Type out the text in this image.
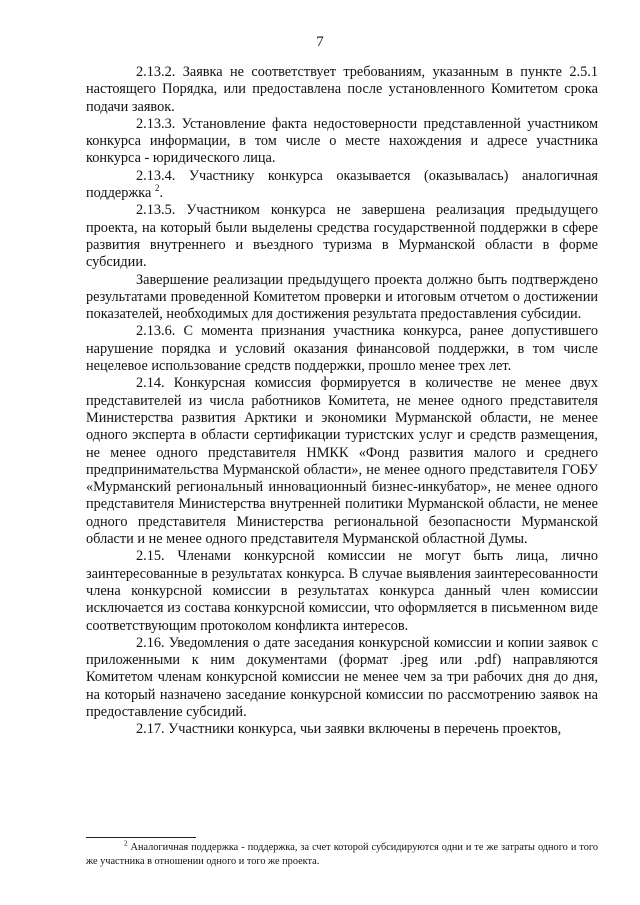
7

2.13.2. Заявка не соответствует требованиям, указанным в пункте 2.5.1 настоящего Порядка, или предоставлена после установленного Комитетом срока подачи заявок.

2.13.3. Установление факта недостоверности представленной участником конкурса информации, в том числе о месте нахождения и адресе участника конкурса - юридического лица.

2.13.4. Участнику конкурса оказывается (оказывалась) аналогичная поддержка $^2$.

2.13.5. Участником конкурса не завершена реализация предыдущего проекта, на который были выделены средства государственной поддержки в сфере развития внутреннего и въездного туризма в Мурманской области в форме субсидии.

Завершение реализации предыдущего проекта должно быть подтверждено результатами проведенной Комитетом проверки и итоговым отчетом о достижении показателей, необходимых для достижения результата предоставления субсидии.

2.13.6. С момента признания участника конкурса, ранее допустившего нарушение порядка и условий оказания финансовой поддержки, в том числе нецелевое использование средств поддержки, прошло менее трех лет.

2.14. Конкурсная комиссия формируется в количестве не менее двух представителей из числа работников Комитета, не менее одного представителя Министерства развития Арктики и экономики Мурманской области, не менее одного эксперта в области сертификации туристских услуг и средств размещения, не менее одного представителя НМКК «Фонд развития малого и среднего предпринимательства Мурманской области», не менее одного представителя ГОБУ «Мурманский региональный инновационный бизнес-инкубатор», не менее одного представителя Министерства внутренней политики Мурманской области, не менее одного представителя Министерства региональной безопасности Мурманской области и не менее одного представителя Мурманской областной Думы.

2.15. Членами конкурсной комиссии не могут быть лица, лично заинтересованные в результатах конкурса. В случае выявления заинтересованности члена конкурсной комиссии в результатах конкурса данный член комиссии исключается из состава конкурсной комиссии, что оформляется в письменном виде соответствующим протоколом конфликта интересов.

2.16. Уведомления о дате заседания конкурсной комиссии и копии заявок с приложенными к ним документами (формат .jpeg или .pdf) направляются Комитетом членам конкурсной комиссии не менее чем за три рабочих дня до дня, на который назначено заседание конкурсной комиссии по рассмотрению заявок на предоставление субсидий.

2.17. Участники конкурса, чьи заявки включены в перечень проектов,

$^2$ Аналогичная поддержка - поддержка, за счет которой субсидируются одни и те же затраты одного и того же участника в отношении одного и того же проекта.
